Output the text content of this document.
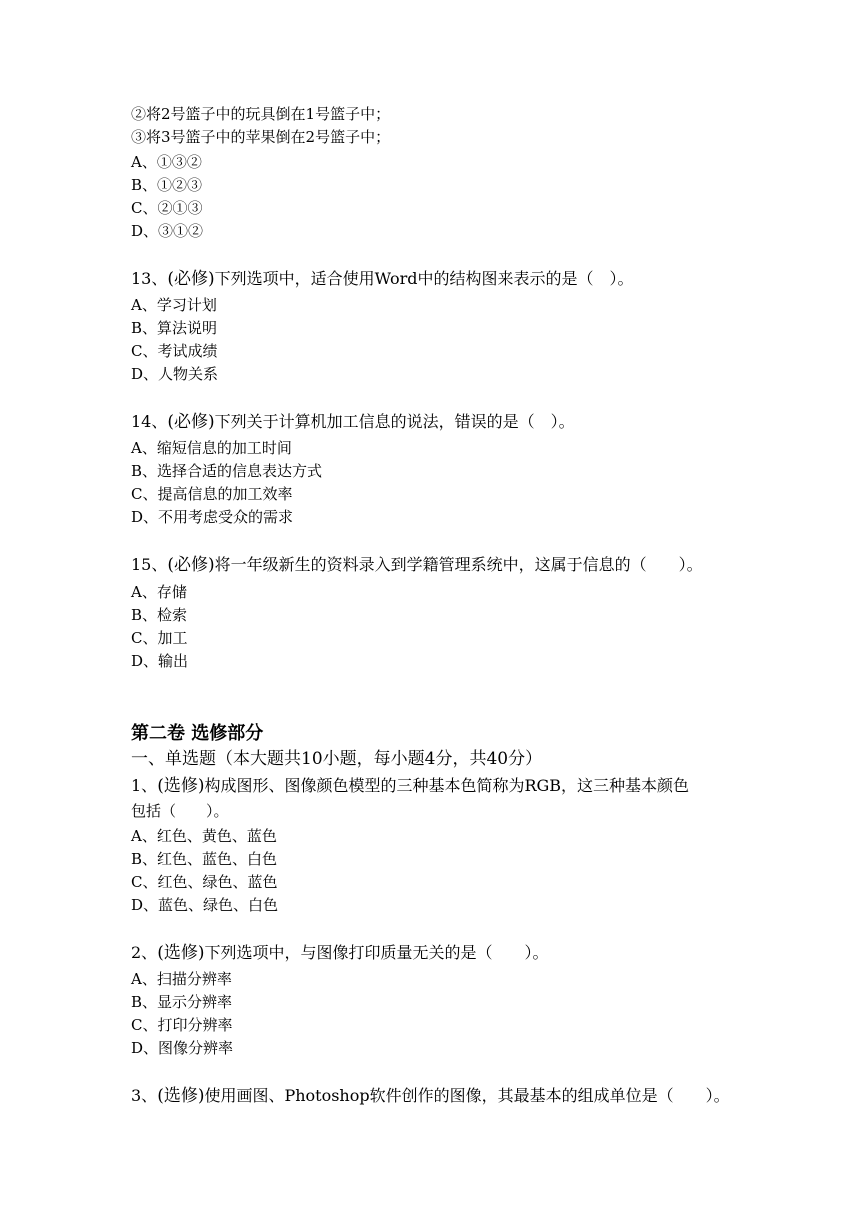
②将2号篮子中的玩具倒在1号篮子中；
③将3号篮子中的苹果倒在2号篮子中；
A、①③②
B、①②③
C、②①③
D、③①②
13、(必修)下列选项中，适合使用Word中的结构图来表示的是（　）。
A、学习计划
B、算法说明
C、考试成绩
D、人物关系
14、(必修)下列关于计算机加工信息的说法，错误的是（　）。
A、缩短信息的加工时间
B、选择合适的信息表达方式
C、提高信息的加工效率
D、不用考虑受众的需求
15、(必修)将一年级新生的资料录入到学籍管理系统中，这属于信息的（　　）。
A、存储
B、检索
C、加工
D、输出
第二卷 选修部分
一、单选题（本大题共10小题，每小题4分，共40分）
1、(选修)构成图形、图像颜色模型的三种基本色简称为RGB，这三种基本颜色
包括（　　）。
A、红色、黄色、蓝色
B、红色、蓝色、白色
C、红色、绿色、蓝色
D、蓝色、绿色、白色
2、(选修)下列选项中，与图像打印质量无关的是（　　）。
A、扫描分辨率
B、显示分辨率
C、打印分辨率
D、图像分辨率
3、(选修)使用画图、Photoshop软件创作的图像，其最基本的组成单位是（　　）。
